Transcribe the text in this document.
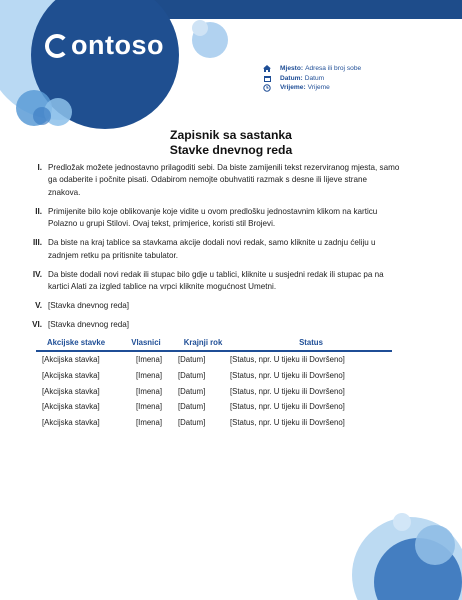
ontoso
Mjesto: Adresa ili broj sobe
Datum: Datum
Vrijeme: Vrijeme
Zapisnik sa sastanka
Stavke dnevnog reda
I. Predložak možete jednostavno prilagoditi sebi. Da biste zamijenili tekst rezerviranog mjesta, samo ga odaberite i počnite pisati. Odabirom nemojte obuhvatiti razmak s desne ili lijeve strane znakova.
II. Primijenite bilo koje oblikovanje koje vidite u ovom predlošku jednostavnim klikom na karticu Polazno u grupi Stilovi. Ovaj tekst, primjerice, koristi stil Brojevi.
III. Da biste na kraj tablice sa stavkama akcije dodali novi redak, samo kliknite u zadnju ćeliju u zadnjem retku pa pritisnite tabulator.
IV. Da biste dodali novi redak ili stupac bilo gdje u tablici, kliknite u susjedni redak ili stupac pa na kartici Alati za izgled tablice na vrpci kliknite mogućnost Umetni.
V. [Stavka dnevnog reda]
VI. [Stavka dnevnog reda]
Akcijske stavke	Vlasnici	Krajnji rok	Status
[Akcijska stavka]	[Imena]	[Datum]	[Status, npr. U tijeku ili Dovršeno]
[Akcijska stavka]	[Imena]	[Datum]	[Status, npr. U tijeku ili Dovršeno]
[Akcijska stavka]	[Imena]	[Datum]	[Status, npr. U tijeku ili Dovršeno]
[Akcijska stavka]	[Imena]	[Datum]	[Status, npr. U tijeku ili Dovršeno]
[Akcijska stavka]	[Imena]	[Datum]	[Status, npr. U tijeku ili Dovršeno]
